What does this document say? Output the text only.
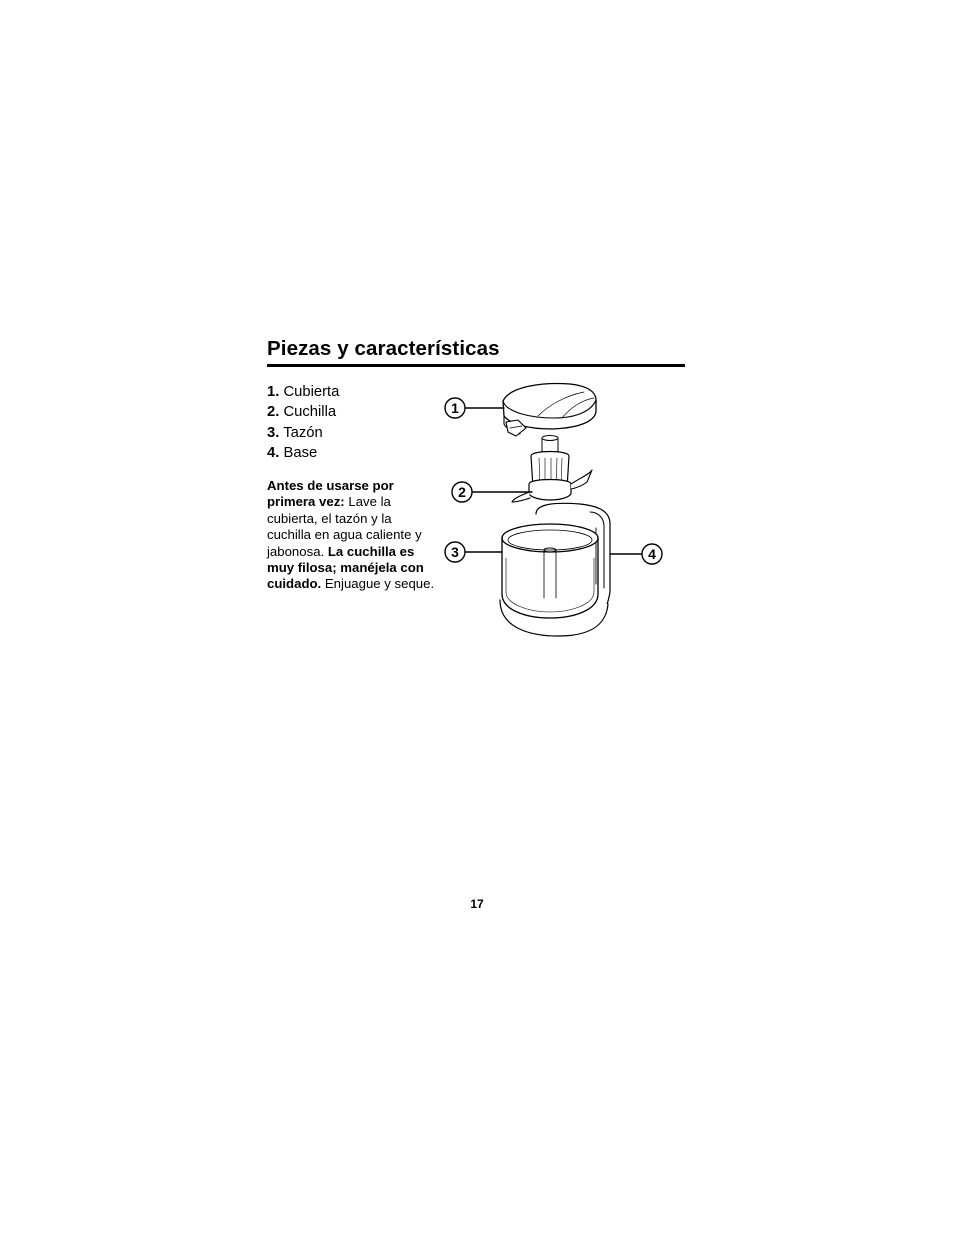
Piezas y características
1. Cubierta
2. Cuchilla
3. Tazón
4. Base

Antes de usarse por primera vez: Lave la cubierta, el tazón y la cuchilla en agua caliente y jabonosa. La cuchilla es muy filosa; manéjela con cuidado. Enjuague y seque.

1
2
3	4
17
